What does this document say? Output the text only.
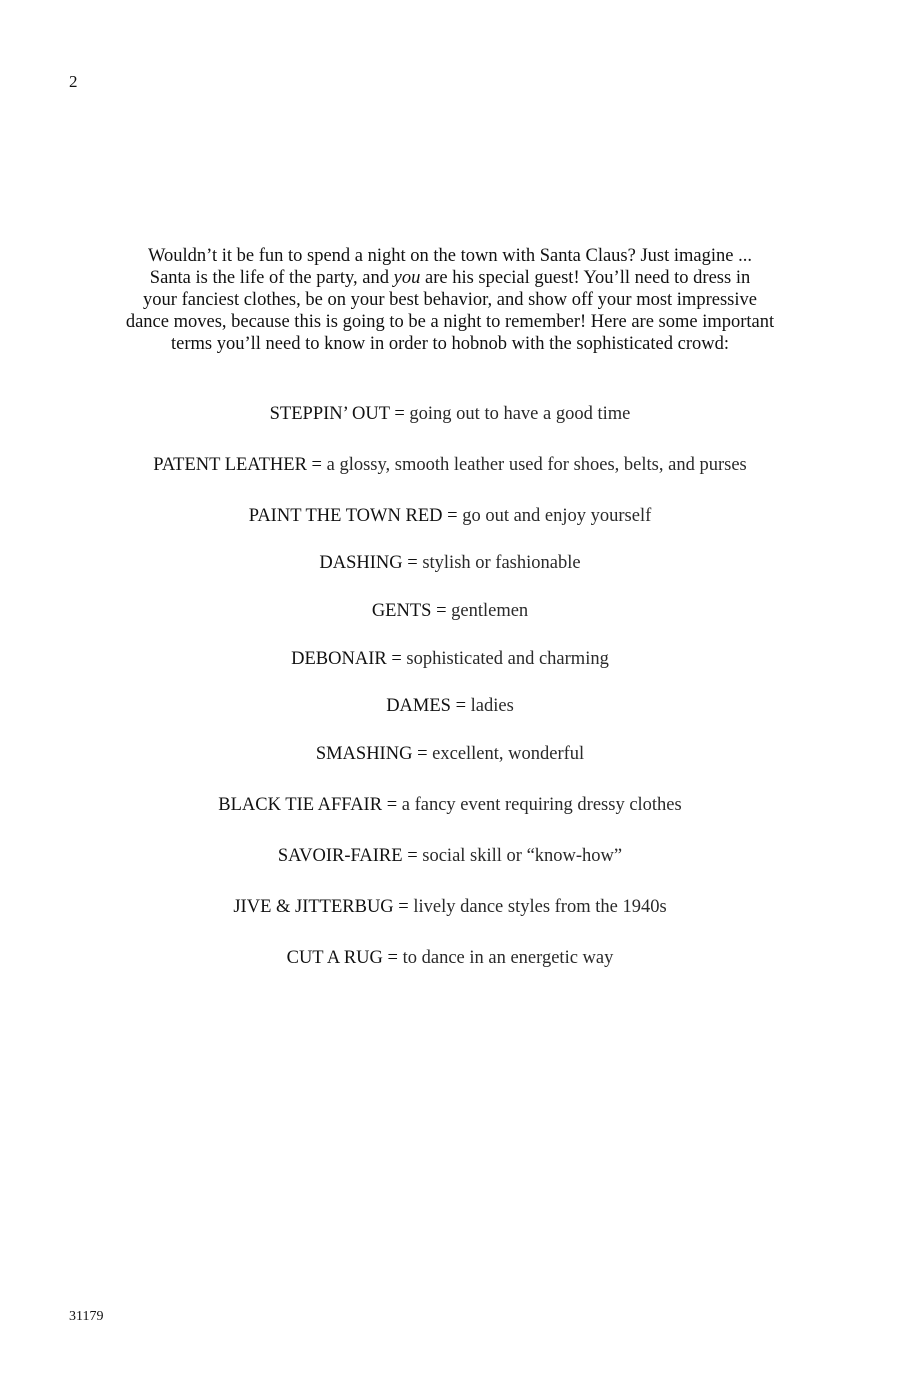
2
Wouldn’t it be fun to spend a night on the town with Santa Claus? Just imagine ...
Santa is the life of the party, and you are his special guest! You’ll need to dress in
your fanciest clothes, be on your best behavior, and show off your most impressive
dance moves, because this is going to be a night to remember! Here are some important
terms you’ll need to know in order to hobnob with the sophisticated crowd:
STEPPIN’ OUT = going out to have a good time
PATENT LEATHER = a glossy, smooth leather used for shoes, belts, and purses
PAINT THE TOWN RED = go out and enjoy yourself
DASHING = stylish or fashionable
GENTS = gentlemen
DEBONAIR = sophisticated and charming
DAMES = ladies
SMASHING = excellent, wonderful
BLACK TIE AFFAIR = a fancy event requiring dressy clothes
SAVOIR-FAIRE = social skill or “know-how”
JIVE & JITTERBUG = lively dance styles from the 1940s
CUT A RUG = to dance in an energetic way
31179
